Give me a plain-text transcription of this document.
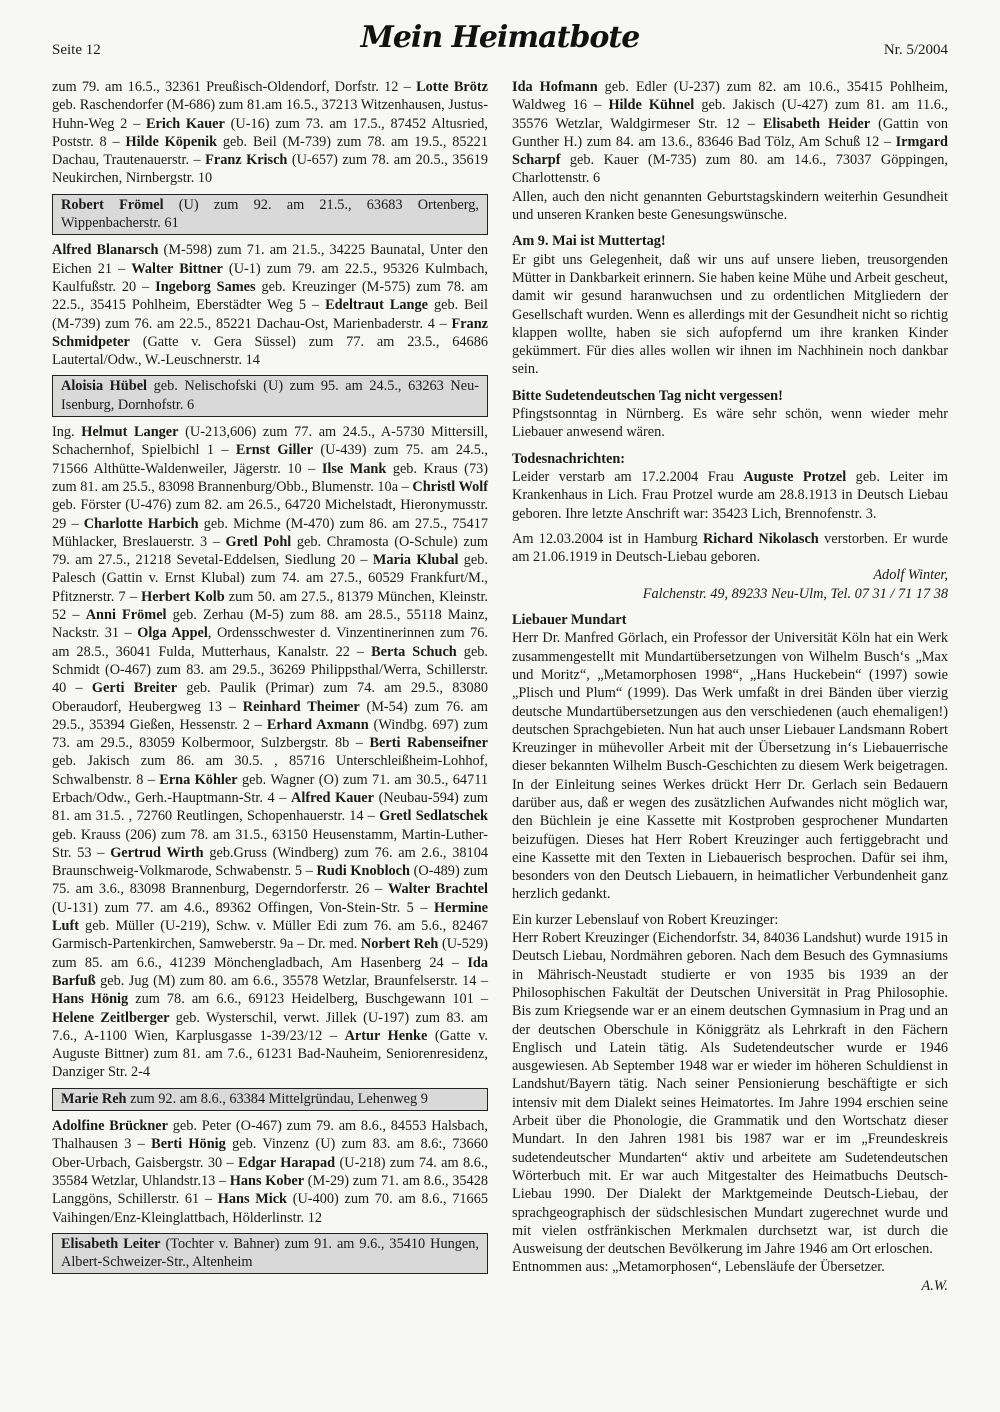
Seite 12	Mein Heimatbote	Nr. 5/2004

zum 79. am 16.5., 32361 Preußisch-Oldendorf, Dorfstr. 12 – Lotte Brötz geb. Raschendorfer (M-686) zum 81.am 16.5., 37213 Witzenhausen, Justus-Huhn-Weg 2 – Erich Kauer (U-16) zum 73. am 17.5., 87452 Altusried, Poststr. 8 – Hilde Köpenik geb. Beil (M-739) zum 78. am 19.5., 85221 Dachau, Trautenauerstr. – Franz Krisch (U-657) zum 78. am 20.5., 35619 Neukirchen, Nirnbergstr. 10

Robert Frömel (U) zum 92. am 21.5., 63683 Ortenberg, Wippenbacherstr. 61

Alfred Blanarsch (M-598) zum 71. am 21.5., 34225 Baunatal, Unter den Eichen 21 – Walter Bittner (U-1) zum 79. am 22.5., 95326 Kulmbach, Kaulfußstr. 20 – Ingeborg Sames geb. Kreuzinger (M-575) zum 78. am 22.5., 35415 Pohlheim, Eberstädter Weg 5 – Edeltraut Lange geb. Beil (M-739) zum 76. am 22.5., 85221 Dachau-Ost, Marienbaderstr. 4 – Franz Schmidpeter (Gatte v. Gera Süssel) zum 77. am 23.5., 64686 Lautertal/Odw., W.-Leuschnerstr. 14

Aloisia Hübel geb. Nelischofski (U) zum 95. am 24.5., 63263 Neu-Isenburg, Dornhofstr. 6

Ing. Helmut Langer (U-213,606) zum 77. am 24.5., A-5730 Mittersill, Schachernhof, Spielbichl 1 – Ernst Giller (U-439) zum 75. am 24.5., 71566 Althütte-Waldenweiler, Jägerstr. 10 – Ilse Mank geb. Kraus (73) zum 81. am 25.5., 83098 Brannenburg/Obb., Blumenstr. 10a – Christl Wolf geb. Förster (U-476) zum 82. am 26.5., 64720 Michelstadt, Hieronymusstr. 29 – Charlotte Harbich geb. Michme (M-470) zum 86. am 27.5., 75417 Mühlacker, Breslauerstr. 3 – Gretl Pohl geb. Chramosta (O-Schule) zum 79. am 27.5., 21218 Sevetal-Eddelsen, Siedlung 20 – Maria Klubal geb. Palesch (Gattin v. Ernst Klubal) zum 74. am 27.5., 60529 Frankfurt/M., Pfitznerstr. 7 – Herbert Kolb zum 50. am 27.5., 81379 München, Kleinstr. 52 – Anni Frömel geb. Zerhau (M-5) zum 88. am 28.5., 55118 Mainz, Nackstr. 31 – Olga Appel, Ordensschwester d. Vinzentinerinnen zum 76. am 28.5., 36041 Fulda, Mutterhaus, Kanalstr. 22 – Berta Schuch geb. Schmidt (O-467) zum 83. am 29.5., 36269 Philippsthal/Werra, Schillerstr. 40 – Gerti Breiter geb. Paulik (Primar) zum 74. am 29.5., 83080 Oberaudorf, Heubergweg 13 – Reinhard Theimer (M-54) zum 76. am 29.5., 35394 Gießen, Hessenstr. 2 – Erhard Axmann (Windbg. 697) zum 73. am 29.5., 83059 Kolbermoor, Sulzbergstr. 8b – Berti Rabenseifner geb. Jakisch zum 86. am 30.5. , 85716 Unterschleißheim-Lohhof, Schwalbenstr. 8 – Erna Köhler geb. Wagner (O) zum 71. am 30.5., 64711 Erbach/Odw., Gerh.-Hauptmann-Str. 4 – Alfred Kauer (Neubau-594) zum 81. am 31.5. , 72760 Reutlingen, Schopenhauerstr. 14 – Gretl Sedlatschek geb. Krauss (206) zum 78. am 31.5., 63150 Heusenstamm, Martin-Luther-Str. 53 – Gertrud Wirth geb.Gruss (Windberg) zum 76. am 2.6., 38104 Braunschweig-Volkmarode, Schwabenstr. 5 – Rudi Knobloch (O-489) zum 75. am 3.6., 83098 Brannenburg, Degerndorferstr. 26 – Walter Brachtel (U-131) zum 77. am 4.6., 89362 Offingen, Von-Stein-Str. 5 – Hermine Luft geb. Müller (U-219), Schw. v. Müller Edi zum 76. am 5.6., 82467 Garmisch-Partenkirchen, Samweberstr. 9a – Dr. med. Norbert Reh (U-529) zum 85. am 6.6., 41239 Mönchengladbach, Am Hasenberg 24 – Ida Barfuß geb. Jug (M) zum 80. am 6.6., 35578 Wetzlar, Braunfelserstr. 14 – Hans Hönig zum 78. am 6.6., 69123 Heidelberg, Buschgewann 101 – Helene Zeitlberger geb. Wysterschil, verwt. Jillek (U-197) zum 83. am 7.6., A-1100 Wien, Karplusgasse 1-39/23/12 – Artur Henke (Gatte v. Auguste Bittner) zum 81. am 7.6., 61231 Bad-Nauheim, Seniorenresidenz, Danziger Str. 2-4

Marie Reh zum 92. am 8.6., 63384 Mittelgründau, Lehenweg 9

Adolfine Brückner geb. Peter (O-467) zum 79. am 8.6., 84553 Halsbach, Thalhausen 3 – Berti Hönig geb. Vinzenz (U) zum 83. am 8.6:, 73660 Ober-Urbach, Gaisbergstr. 30 – Edgar Harapad (U-218) zum 74. am 8.6., 35584 Wetzlar, Uhlandstr.13 – Hans Kober (M-29) zum 71. am 8.6., 35428 Langgöns, Schillerstr. 61 – Hans Mick (U-400) zum 70. am 8.6., 71665 Vaihingen/Enz-Kleinglattbach, Hölderlinstr. 12

Elisabeth Leiter (Tochter v. Bahner) zum 91. am 9.6., 35410 Hungen, Albert-Schweizer-Str., Altenheim

Ida Hofmann geb. Edler (U-237) zum 82. am 10.6., 35415 Pohlheim, Waldweg 16 – Hilde Kühnel geb. Jakisch (U-427) zum 81. am 11.6., 35576 Wetzlar, Waldgirmeser Str. 12 – Elisabeth Heider (Gattin von Gunther H.) zum 84. am 13.6., 83646 Bad Tölz, Am Schuß 12 – Irmgard Scharpf geb. Kauer (M-735) zum 80. am 14.6., 73037 Göppingen, Charlottenstr. 6

Allen, auch den nicht genannten Geburtstagskindern weiterhin Gesundheit und unseren Kranken beste Genesungswünsche.

Am 9. Mai ist Muttertag!

Er gibt uns Gelegenheit, daß wir uns auf unsere lieben, treusorgenden Mütter in Dankbarkeit erinnern. Sie haben keine Mühe und Arbeit gescheut, damit wir gesund haranwuchsen und zu ordentlichen Mitgliedern der Gesellschaft wurden. Wenn es allerdings mit der Gesundheit nicht so richtig klappen wollte, haben sie sich aufopfernd um ihre kranken Kinder gekümmert. Für dies alles wollen wir ihnen im Nachhinein noch dankbar sein.

Bitte Sudetendeutschen Tag nicht vergessen!

Pfingstsonntag in Nürnberg. Es wäre sehr schön, wenn wieder mehr Liebauer anwesend wären.

Todesnachrichten:

Leider verstarb am 17.2.2004 Frau Auguste Protzel geb. Leiter im Krankenhaus in Lich. Frau Protzel wurde am 28.8.1913 in Deutsch Liebau geboren. Ihre letzte Anschrift war: 35423 Lich, Brennofenstr. 3.

Am 12.03.2004 ist in Hamburg Richard Nikolasch verstorben. Er wurde am 21.06.1919 in Deutsch-Liebau geboren.

Adolf Winter,
Falchenstr. 49, 89233 Neu-Ulm, Tel. 07 31 / 71 17 38
Liebauer Mundart

Herr Dr. Manfred Görlach, ein Professor der Universität Köln hat ein Werk zusammengestellt mit Mundartübersetzungen von Wilhelm Busch‘s „Max und Moritz“, „Metamorphosen 1998“, „Hans Huckebein“ (1997) sowie „Plisch und Plum“ (1999). Das Werk umfaßt in drei Bänden über vierzig deutsche Mundartübersetzungen aus den verschiedenen (auch ehemaligen!) deutschen Sprachgebieten. Nun hat auch unser Liebauer Landsmann Robert Kreuzinger in mühevoller Arbeit mit der Übersetzung in‘s Liebauerrische dieser bekannten Wilhelm Busch-Geschichten zu diesem Werk beigetragen. In der Einleitung seines Werkes drückt Herr Dr. Gerlach sein Bedauern darüber aus, daß er wegen des zusätzlichen Aufwandes nicht möglich war, den Büchlein je eine Kassette mit Kostproben gesprochener Mundarten beizufügen. Dieses hat Herr Robert Kreuzinger auch fertiggebracht und eine Kassette mit den Texten in Liebauerisch besprochen. Dafür sei ihm, besonders von den Deutsch Liebauern, in heimatlicher Verbundenheit ganz herzlich gedankt.

Ein kurzer Lebenslauf von Robert Kreuzinger:

Herr Robert Kreuzinger (Eichendorfstr. 34, 84036 Landshut) wurde 1915 in Deutsch Liebau, Nordmähren geboren. Nach dem Besuch des Gymnasiums in Mährisch-Neustadt studierte er von 1935 bis 1939 an der Philosophischen Fakultät der Deutschen Universität in Prag Philosophie. Bis zum Kriegsende war er an einem deutschen Gymnasium in Prag und an der deutschen Oberschule in Königgrätz als Lehrkraft in den Fächern Englisch und Latein tätig. Als Sudetendeutscher wurde er 1946 ausgewiesen. Ab September 1948 war er wieder im höheren Schuldienst in Landshut/Bayern tätig. Nach seiner Pensionierung beschäftigte er sich intensiv mit dem Dialekt seines Heimatortes. Im Jahre 1994 erschien seine Arbeit über die Phonologie, die Grammatik und den Wortschatz dieser Mundart. In den Jahren 1981 bis 1987 war er im „Freundeskreis sudetendeutscher Mundarten“ aktiv und arbeitete am Sudetendeutschen Wörterbuch mit. Er war auch Mitgestalter des Heimatbuchs Deutsch-Liebau 1990. Der Dialekt der Marktgemeinde Deutsch-Liebau, der sprachgeographisch der südschlesischen Mundart zugerechnet wurde und mit vielen ostfränkischen Merkmalen durchsetzt war, ist durch die Ausweisung der deutschen Bevölkerung im Jahre 1946 am Ort erloschen.

Entnommen aus: „Metamorphosen“, Lebensläufe der Übersetzer.

A.W.
